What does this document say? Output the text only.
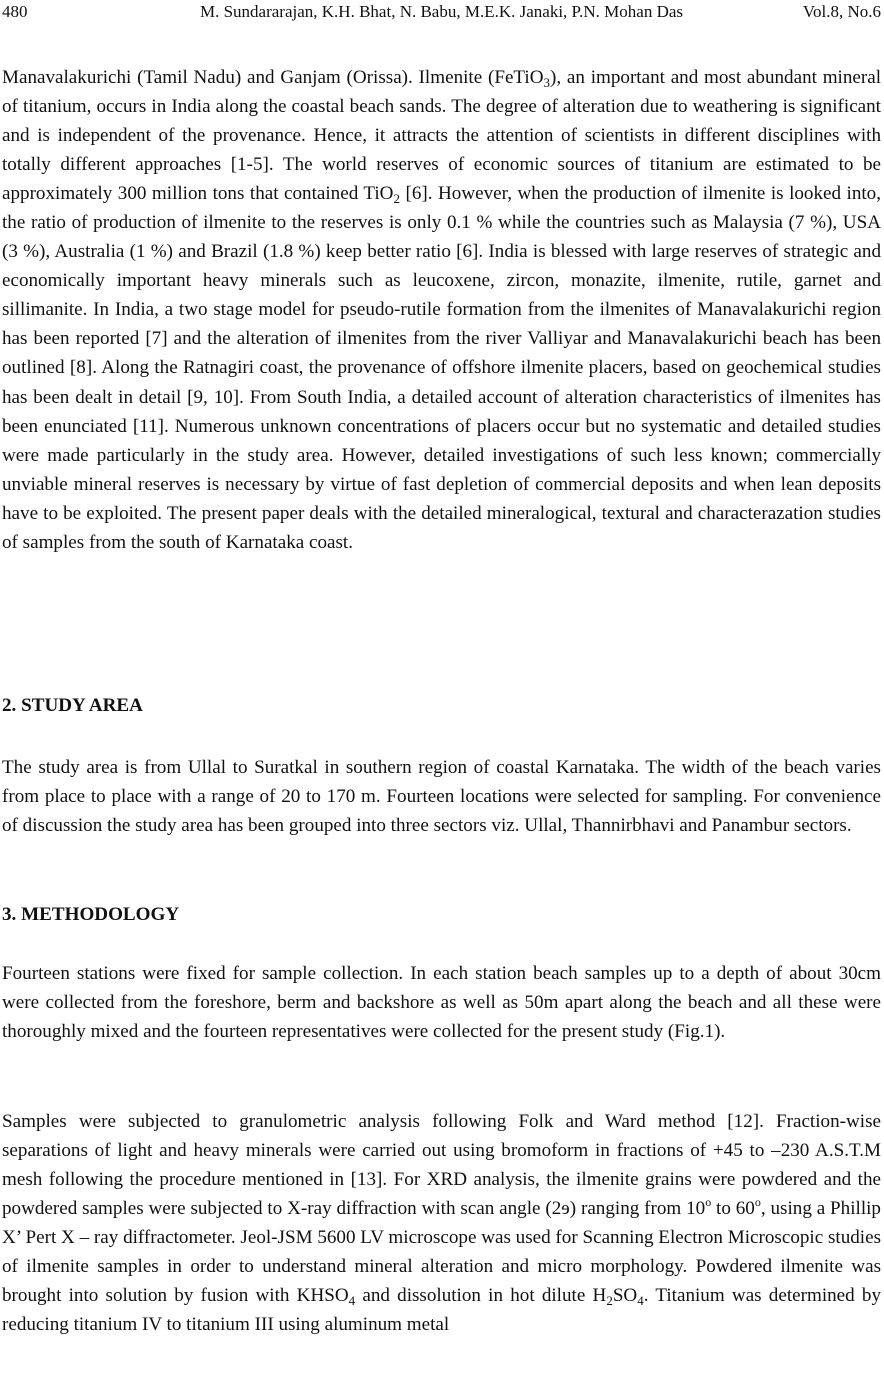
480	M. Sundararajan, K.H. Bhat, N. Babu, M.E.K. Janaki, P.N. Mohan Das	Vol.8, No.6

Manavalakurichi (Tamil Nadu) and Ganjam (Orissa). Ilmenite (FeTiO$_3$), an important and most abundant mineral of titanium, occurs in India along the coastal beach sands. The degree of alteration due to weathering is significant and is independent of the provenance. Hence, it attracts the attention of scientists in different disciplines with totally different approaches [1-5]. The world reserves of economic sources of titanium are estimated to be approximately 300 million tons that contained TiO$_2$ [6]. However, when the production of ilmenite is looked into, the ratio of production of ilmenite to the reserves is only 0.1 % while the countries such as Malaysia (7 %), USA (3 %), Australia (1 %) and Brazil (1.8 %) keep better ratio [6]. India is blessed with large reserves of strategic and economically important heavy minerals such as leucoxene, zircon, monazite, ilmenite, rutile, garnet and sillimanite. In India, a two stage model for pseudo-rutile formation from the ilmenites of Manavalakurichi region has been reported [7] and the alteration of ilmenites from the river Valliyar and Manavalakurichi beach has been outlined [8]. Along the Ratnagiri coast, the provenance of offshore ilmenite placers, based on geochemical studies has been dealt in detail [9, 10]. From South India, a detailed account of alteration characteristics of ilmenites has been enunciated [11]. Numerous unknown concentrations of placers occur but no systematic and detailed studies were made particularly in the study area. However, detailed investigations of such less known; commercially unviable mineral reserves is necessary by virtue of fast depletion of commercial deposits and when lean deposits have to be exploited. The present paper deals with the detailed mineralogical, textural and characterazation studies of samples from the south of Karnataka coast.

2. STUDY AREA

The study area is from Ullal to Suratkal in southern region of coastal Karnataka. The width of the beach varies from place to place with a range of 20 to 170 m. Fourteen locations were selected for sampling. For convenience of discussion the study area has been grouped into three sectors viz. Ullal, Thannirbhavi and Panambur sectors.

3. METHODOLOGY

Fourteen stations were fixed for sample collection. In each station beach samples up to a depth of about 30cm were collected from the foreshore, berm and backshore as well as 50m apart along the beach and all these were thoroughly mixed and the fourteen representatives were collected for the present study (Fig.1).

Samples were subjected to granulometric analysis following Folk and Ward method [12]. Fraction-wise separations of light and heavy minerals were carried out using bromoform in fractions of +45 to –230 A.S.T.M mesh following the procedure mentioned in [13]. For XRD analysis, the ilmenite grains were powdered and the powdered samples were subjected to X-ray diffraction with scan angle (2ɘ) ranging from 10$^o$ to 60$^o$, using a Phillip X’ Pert X – ray diffractometer. Jeol-JSM 5600 LV microscope was used for Scanning Electron Microscopic studies of ilmenite samples in order to understand mineral alteration and micro morphology. Powdered ilmenite was brought into solution by fusion with $KHSO_4$ and dissolution in hot dilute $H_2SO_4$. Titanium was determined by reducing titanium IV to titanium III using aluminum metal
